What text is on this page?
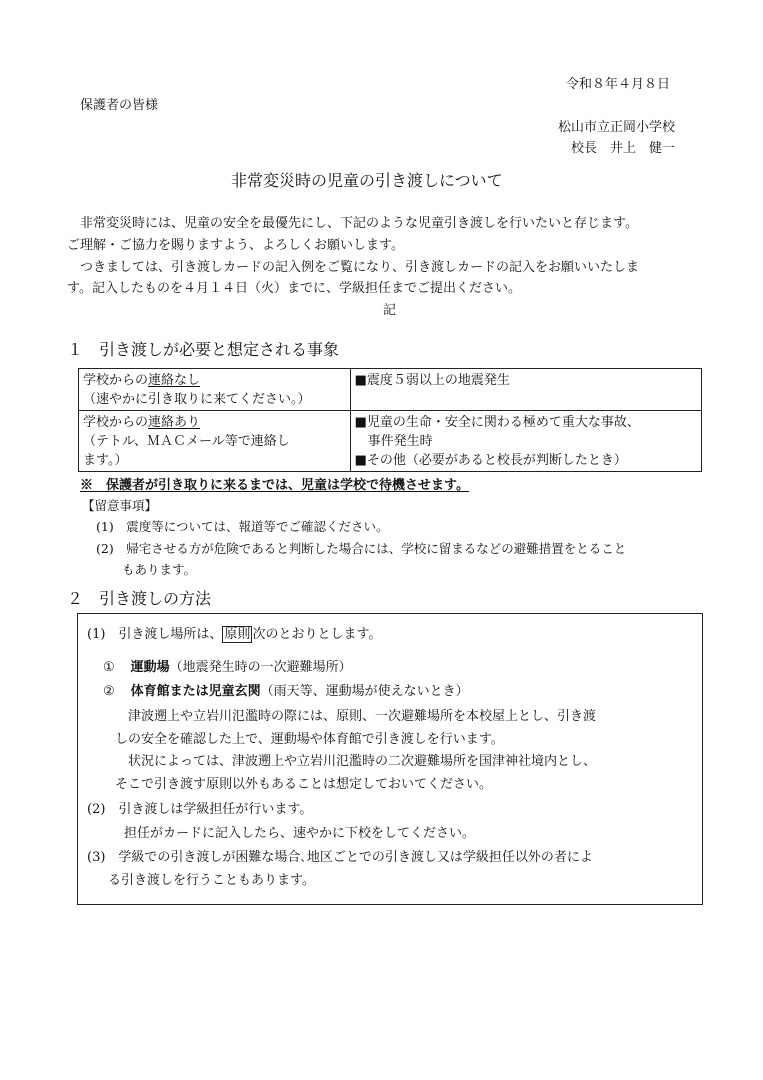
令和８年４月８日
保護者の皆様
松山市立正岡小学校
校長　井上　健一
非常変災時の児童の引き渡しについて
非常変災時には、児童の安全を最優先にし、下記のような児童引き渡しを行いたいと存じます。
ご理解・ご協力を賜りますよう、よろしくお願いします。
つきましては、引き渡しカードの記入例をご覧になり、引き渡しカードの記入をお願いいたしま
す。記入したものを４月１４日（火）までに、学級担任までご提出ください。
記
１　引き渡しが必要と想定される事象
学校からの連絡なし
（速やかに引き取りに来てください。）	■震度５弱以上の地震発生
学校からの連絡あり
（テトル、ＭＡＣメール等で連絡し
ます。）	■児童の生命・安全に関わる極めて重大な事故、
事件発生時
■その他（必要があると校長が判断したとき）
※　保護者が引き取りに来るまでは、児童は学校で待機させます。
【留意事項】
(1)　震度等については、報道等でご確認ください。
(2)　帰宅させる方が危険であると判断した場合には、学校に留まるなどの避難措置をとること
もあります。
２　引き渡しの方法
(1)　引き渡し場所は、 原則 次のとおりとします。
① 運動場（地震発生時の一次避難場所）
② 体育館または児童玄関（雨天等、運動場が使えないとき）
津波遡上や立岩川氾濫時の際には、原則、一次避難場所を本校屋上とし、引き渡
しの安全を確認した上で、運動場や体育館で引き渡しを行います。
状況によっては、津波遡上や立岩川氾濫時の二次避難場所を国津神社境内とし、
そこで引き渡す原則以外もあることは想定しておいてください。
(2)　引き渡しは学級担任が行います。
担任がカードに記入したら、速やかに下校をしてください。
(3)　学級での引き渡しが困難な場合､地区ごとでの引き渡し又は学級担任以外の者によ
る引き渡しを行うこともあります。
